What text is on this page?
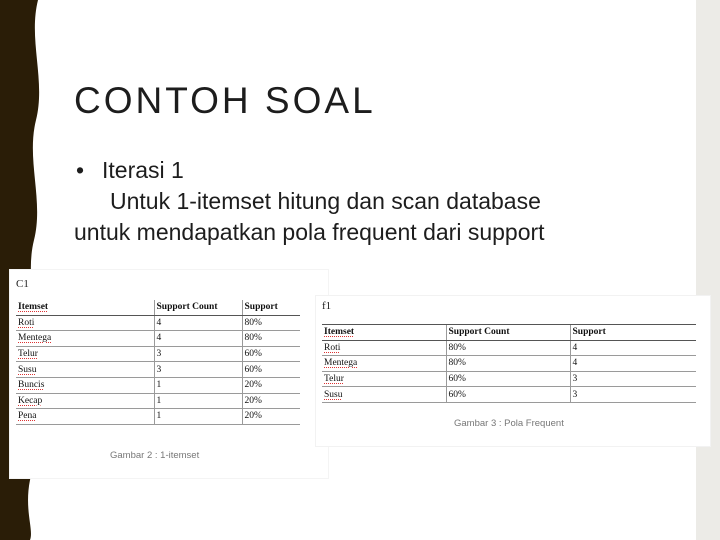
CONTOH SOAL
• Iterasi 1
Untuk 1-itemset hitung dan scan database
untuk mendapatkan pola frequent dari support
C1
Itemset	Support Count	Support
Roti	4	80%
Mentega	4	80%
Telur	3	60%
Susu	3	60%
Buncis	1	20%
Kecap	1	20%
Pena	1	20%
Gambar 2 : 1-itemset
f1
Itemset	Support Count	Support
Roti	80%	4
Mentega	80%	4
Telur	60%	3
Susu	60%	3
Gambar 3 : Pola Frequent
